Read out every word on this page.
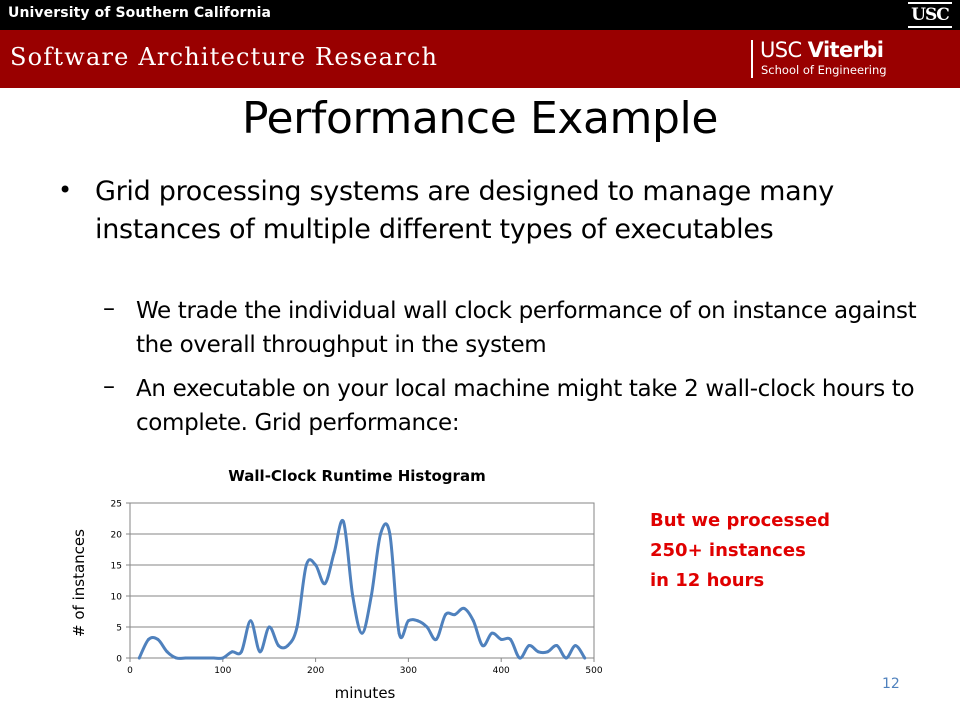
University of Southern California	USC
Software Architecture Research	USC Viterbi
School of Engineering
Performance Example
• Grid processing systems are designed to manage many instances of multiple different types of executables
– We trade the individual wall clock performance of on instance against the overall throughput in the system
– An executable on your local machine might take 2 wall-clock hours to complete. Grid performance:
Wall-Clock Runtime Histogram
minutes
# of instances
0
5
10
15
20
25
0	100	200	300	400	500
But we processed
250+ instances
in 12 hours
12
